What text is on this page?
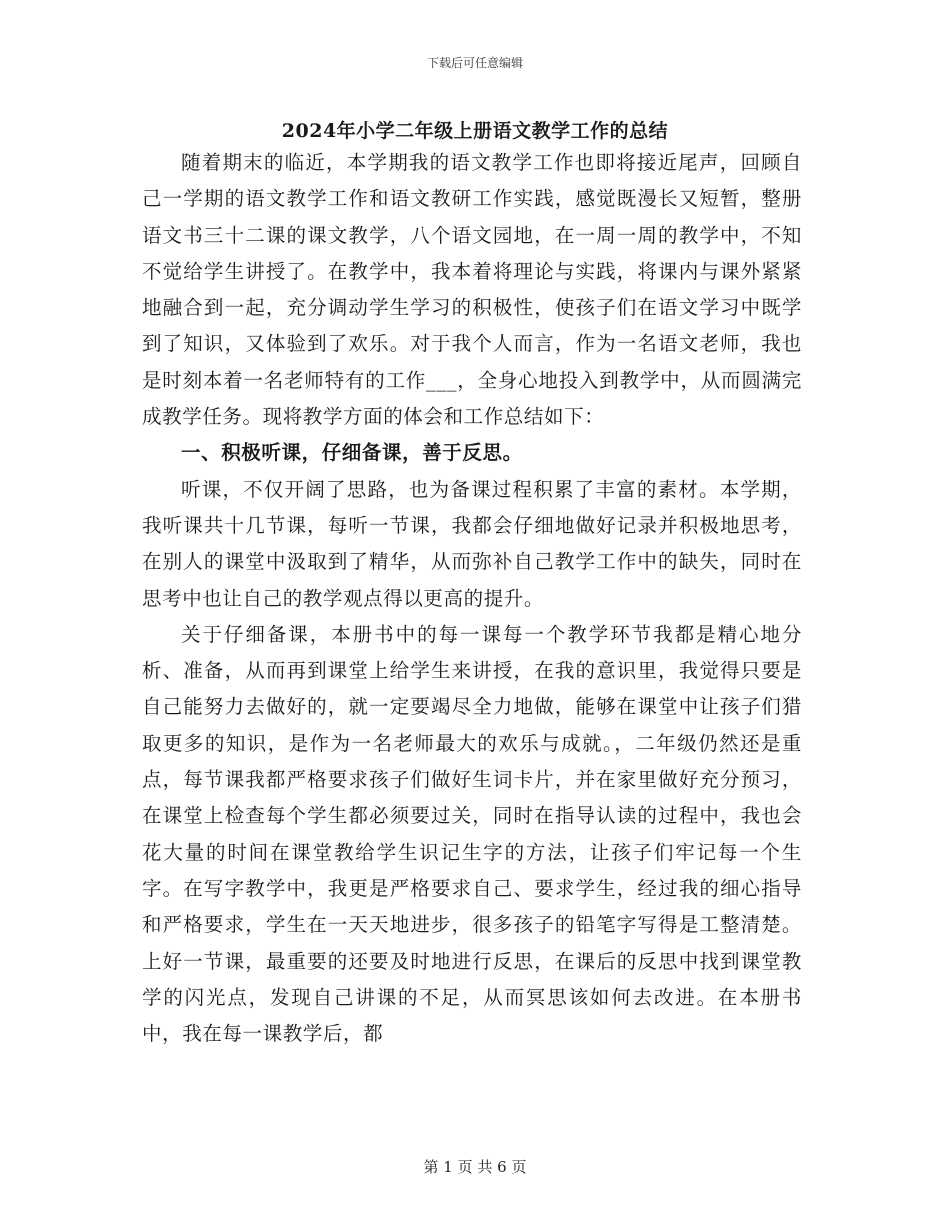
下载后可任意编辑
2024年小学二年级上册语文教学工作的总结

随着期末的临近，本学期我的语文教学工作也即将接近尾声，回顾自己一学期的语文教学工作和语文教研工作实践，感觉既漫长又短暂，整册语文书三十二课的课文教学，八个语文园地，在一周一周的教学中，不知不觉给学生讲授了。在教学中，我本着将理论与实践，将课内与课外紧紧地融合到一起，充分调动学生学习的积极性，使孩子们在语文学习中既学到了知识，又体验到了欢乐。对于我个人而言，作为一名语文老师，我也是时刻本着一名老师特有的工作___，全身心地投入到教学中，从而圆满完成教学任务。现将教学方面的体会和工作总结如下：

一、积极听课，仔细备课，善于反思。

听课，不仅开阔了思路，也为备课过程积累了丰富的素材。本学期，我听课共十几节课，每听一节课，我都会仔细地做好记录并积极地思考，在别人的课堂中汲取到了精华，从而弥补自己教学工作中的缺失，同时在思考中也让自己的教学观点得以更高的提升。

关于仔细备课，本册书中的每一课每一个教学环节我都是精心地分析、准备，从而再到课堂上给学生来讲授，在我的意识里，我觉得只要是自己能努力去做好的，就一定要竭尽全力地做，能够在课堂中让孩子们猎取更多的知识，是作为一名老师最大的欢乐与成就。，二年级仍然还是重点，每节课我都严格要求孩子们做好生词卡片，并在家里做好充分预习，在课堂上检查每个学生都必须要过关，同时在指导认读的过程中，我也会花大量的时间在课堂教给学生识记生字的方法，让孩子们牢记每一个生字。在写字教学中，我更是严格要求自己、要求学生，经过我的细心指导和严格要求，学生在一天天地进步，很多孩子的铅笔字写得是工整清楚。上好一节课，最重要的还要及时地进行反思，在课后的反思中找到课堂教学的闪光点，发现自己讲课的不足，从而冥思该如何去改进。在本册书中，我在每一课教学后，都

第 1 页 共 6 页
